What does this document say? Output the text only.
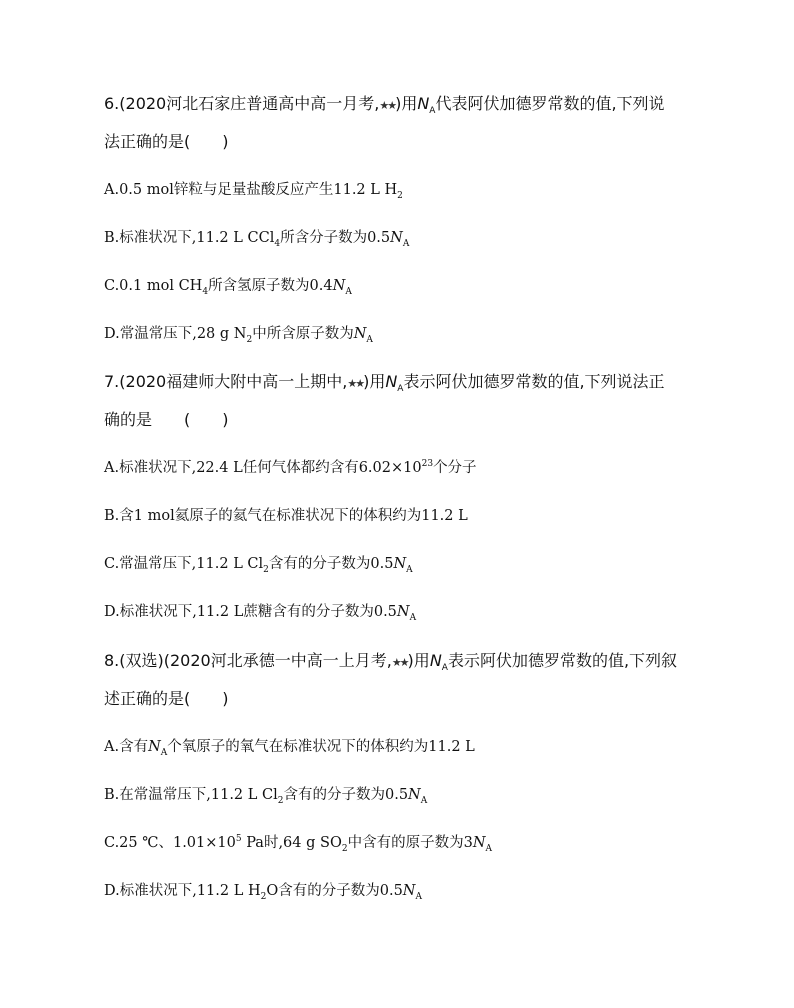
6.(2020河北石家庄普通高中高一月考,★★)用$N_A$代表阿伏加德罗常数的值,下列说
法正确的是(　　)
A.0.5 mol锌粒与足量盐酸反应产生11.2 L $H_2$
B.标准状况下,11.2 L CCl$_4$所含分子数为$0.5N_A$
C.0.1 mol $CH_4$所含氢原子数为$0.4N_A$
D.常温常压下,28 g $N_2$中所含原子数为$N_A$
7.(2020福建师大附中高一上期中,★★)用$N_A$表示阿伏加德罗常数的值,下列说法正
确的是　　(　　)
A.标准状况下,22.4 L任何气体都约含有$6.02\times 10^{23}$个分子
B.含1 mol氦原子的氦气在标准状况下的体积约为11.2 L
C.常温常压下,11.2 L $Cl_2$含有的分子数为$0.5N_A$
D.标准状况下,11.2 L蔗糖含有的分子数为$0.5N_A$
8.(双选)(2020河北承德一中高一上月考,★★)用$N_A$表示阿伏加德罗常数的值,下列叙
述正确的是(　　)
A.含有$N_A$个氧原子的氧气在标准状况下的体积约为11.2 L
B.在常温常压下,11.2 L $Cl_2$含有的分子数为$0.5N_A$
C.25 ℃、$1.01\times 10^5$ Pa时,64 g $SO_2$中含有的原子数为$3N_A$
D.标准状况下,11.2 L $H_2O$含有的分子数为$0.5N_A$
